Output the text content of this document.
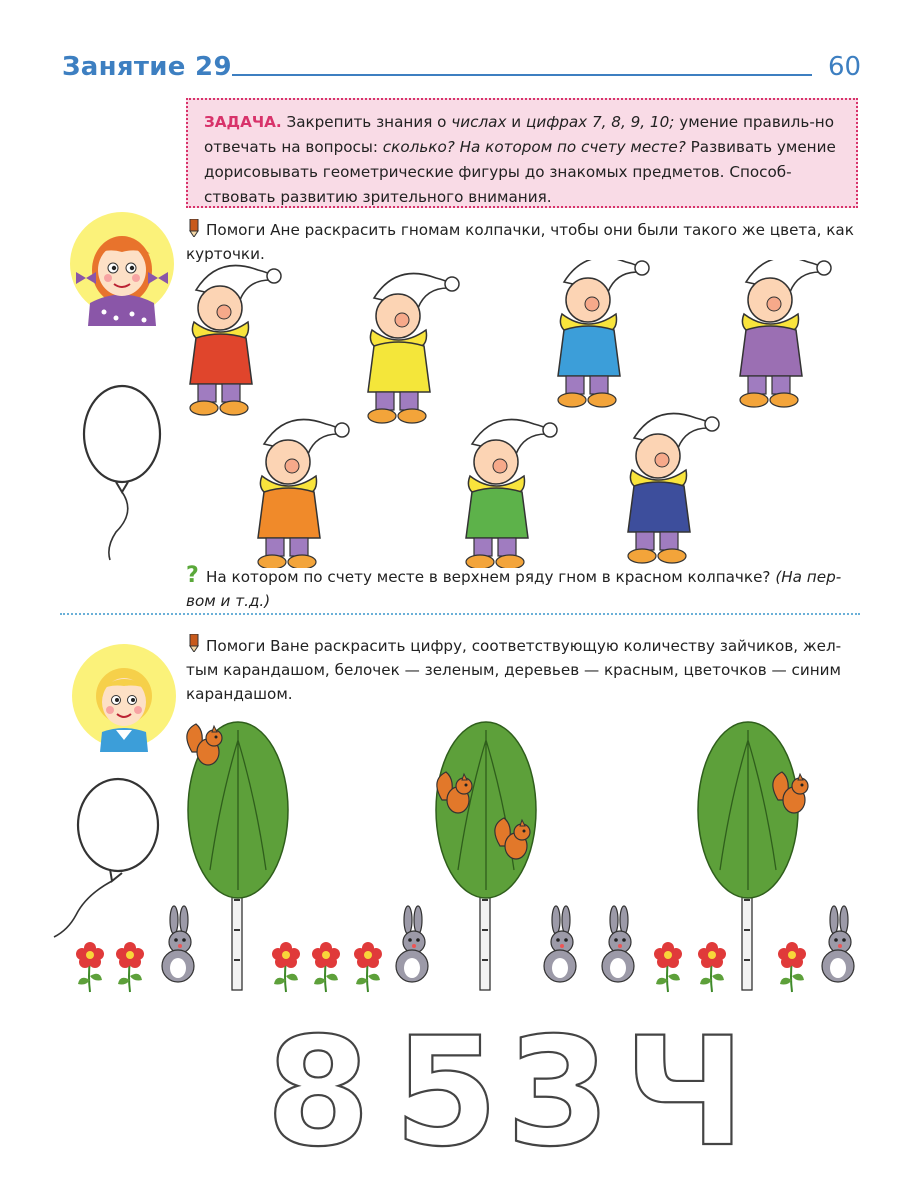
Занятие 29	60
ЗАДАЧА. Закрепить знания о числах и цифрах 7, 8, 9, 10; умение правиль-но отвечать на вопросы: сколько? На котором по счету месте? Развивать умение дорисовывать геометрические фигуры до знакомых предметов. Способ-ствовать развитию зрительного внимания.
Помоги Ане раскрасить гномам колпачки, чтобы они были такого же цвета, как
курточки.
? На котором по счету месте в верхнем ряду гном в красном колпачке? (На пер-
вом и т.д.)
Помоги Ване раскрасить цифру, соответствующую количеству зайчиков, жел-
тым карандашом, белочек — зеленым, деревьев — красным, цветочков — синим
карандашом.
8 5 3 Ч
